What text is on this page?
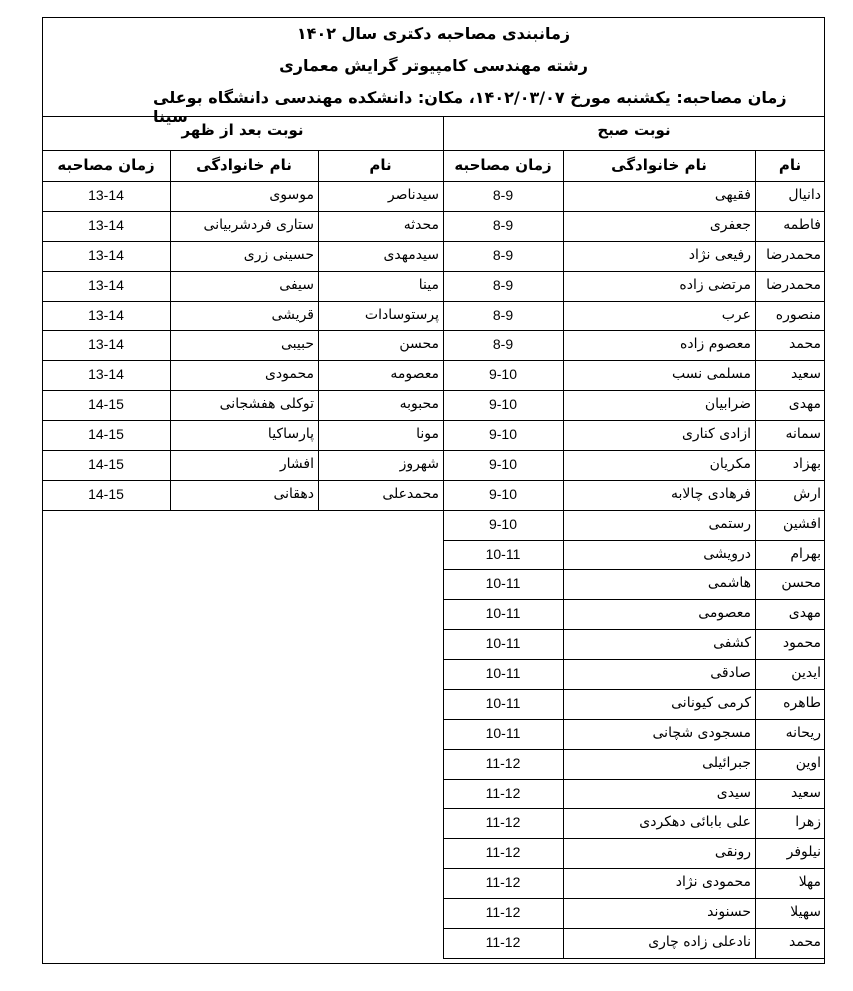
زمانبندی مصاحبه دکتری سال ۱۴۰۲
رشته مهندسی کامپیوتر گرایش معماری
زمان مصاحبه: یکشنبه مورخ ۱۴۰۲/۰۳/۰۷، مکان: دانشکده مهندسی دانشگاه بوعلی سینا
نوبت صبح
نوبت بعد از ظهر
نام
نام خانوادگی
زمان مصاحبه
نام
نام خانوادگی
زمان مصاحبه
دانیال
فقیهی
8-9
فاطمه
جعفری
8-9
محمدرضا
رفیعی نژاد
8-9
محمدرضا
مرتضی زاده
8-9
منصوره
عرب
8-9
محمد
معصوم زاده
8-9
سعید
مسلمی نسب
9-10
مهدی
ضرابیان
9-10
سمانه
ازادی کناری
9-10
بهزاد
مکریان
9-10
ارش
فرهادی چالابه
9-10
افشین
رستمی
9-10
بهرام
درویشی
10-11
محسن
هاشمی
10-11
مهدی
معصومی
10-11
محمود
کشفی
10-11
ایدین
صادقی
10-11
طاهره
کرمی کیونانی
10-11
ریحانه
مسجودی شچانی
10-11
اوین
جبرائیلی
11-12
سعید
سیدی
11-12
زهرا
علی بابائی دهکردی
11-12
نیلوفر
رونقی
11-12
مهلا
محمودی نژاد
11-12
سهیلا
حسنوند
11-12
محمد
نادعلی زاده چاری
11-12
سیدناصر
موسوی
13-14
محدثه
ستاری فردشربیانی
13-14
سیدمهدی
حسینی زری
13-14
مینا
سیفی
13-14
پرستوسادات
قریشی
13-14
محسن
حبیبی
13-14
معصومه
محمودی
13-14
محبوبه
توکلی هفشجانی
14-15
مونا
پارساکیا
14-15
شهروز
افشار
14-15
محمدعلی
دهقانی
14-15
